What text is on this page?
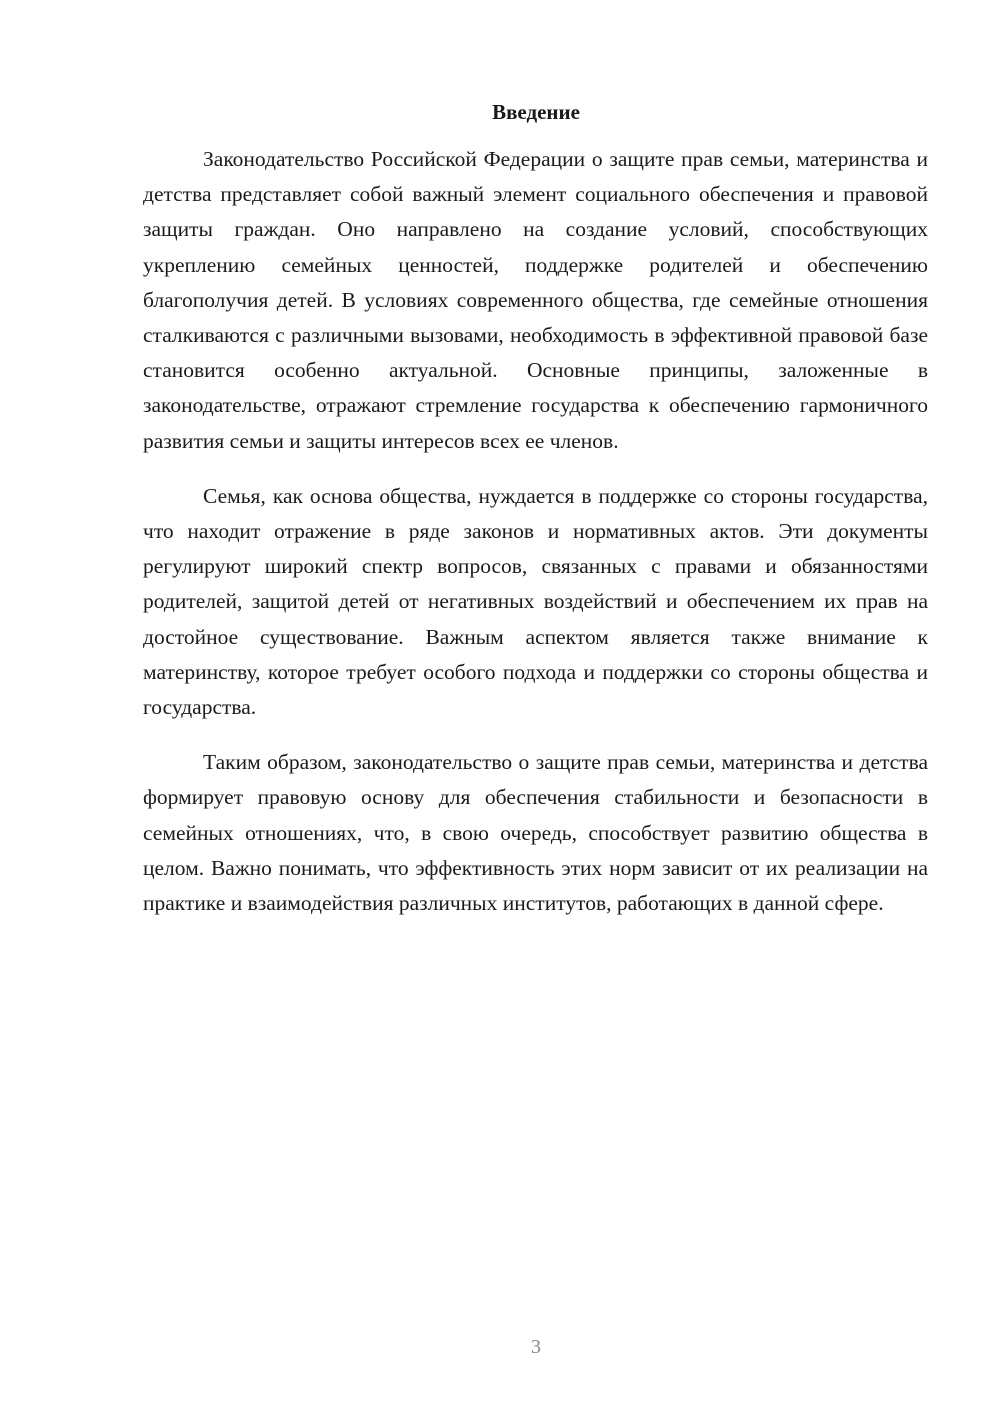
Введение

Законодательство Российской Федерации о защите прав семьи, материнства и детства представляет собой важный элемент социального обеспечения и правовой защиты граждан. Оно направлено на создание условий, способствующих укреплению семейных ценностей, поддержке родителей и обеспечению благополучия детей. В условиях современного общества, где семейные отношения сталкиваются с различными вызовами, необходимость в эффективной правовой базе становится особенно актуальной. Основные принципы, заложенные в законодательстве, отражают стремление государства к обеспечению гармоничного развития семьи и защиты интересов всех ее членов.

Семья, как основа общества, нуждается в поддержке со стороны государства, что находит отражение в ряде законов и нормативных актов. Эти документы регулируют широкий спектр вопросов, связанных с правами и обязанностями родителей, защитой детей от негативных воздействий и обеспечением их прав на достойное существование. Важным аспектом является также внимание к материнству, которое требует особого подхода и поддержки со стороны общества и государства.

Таким образом, законодательство о защите прав семьи, материнства и детства формирует правовую основу для обеспечения стабильности и безопасности в семейных отношениях, что, в свою очередь, способствует развитию общества в целом. Важно понимать, что эффективность этих норм зависит от их реализации на практике и взаимодействия различных институтов, работающих в данной сфере.

3
